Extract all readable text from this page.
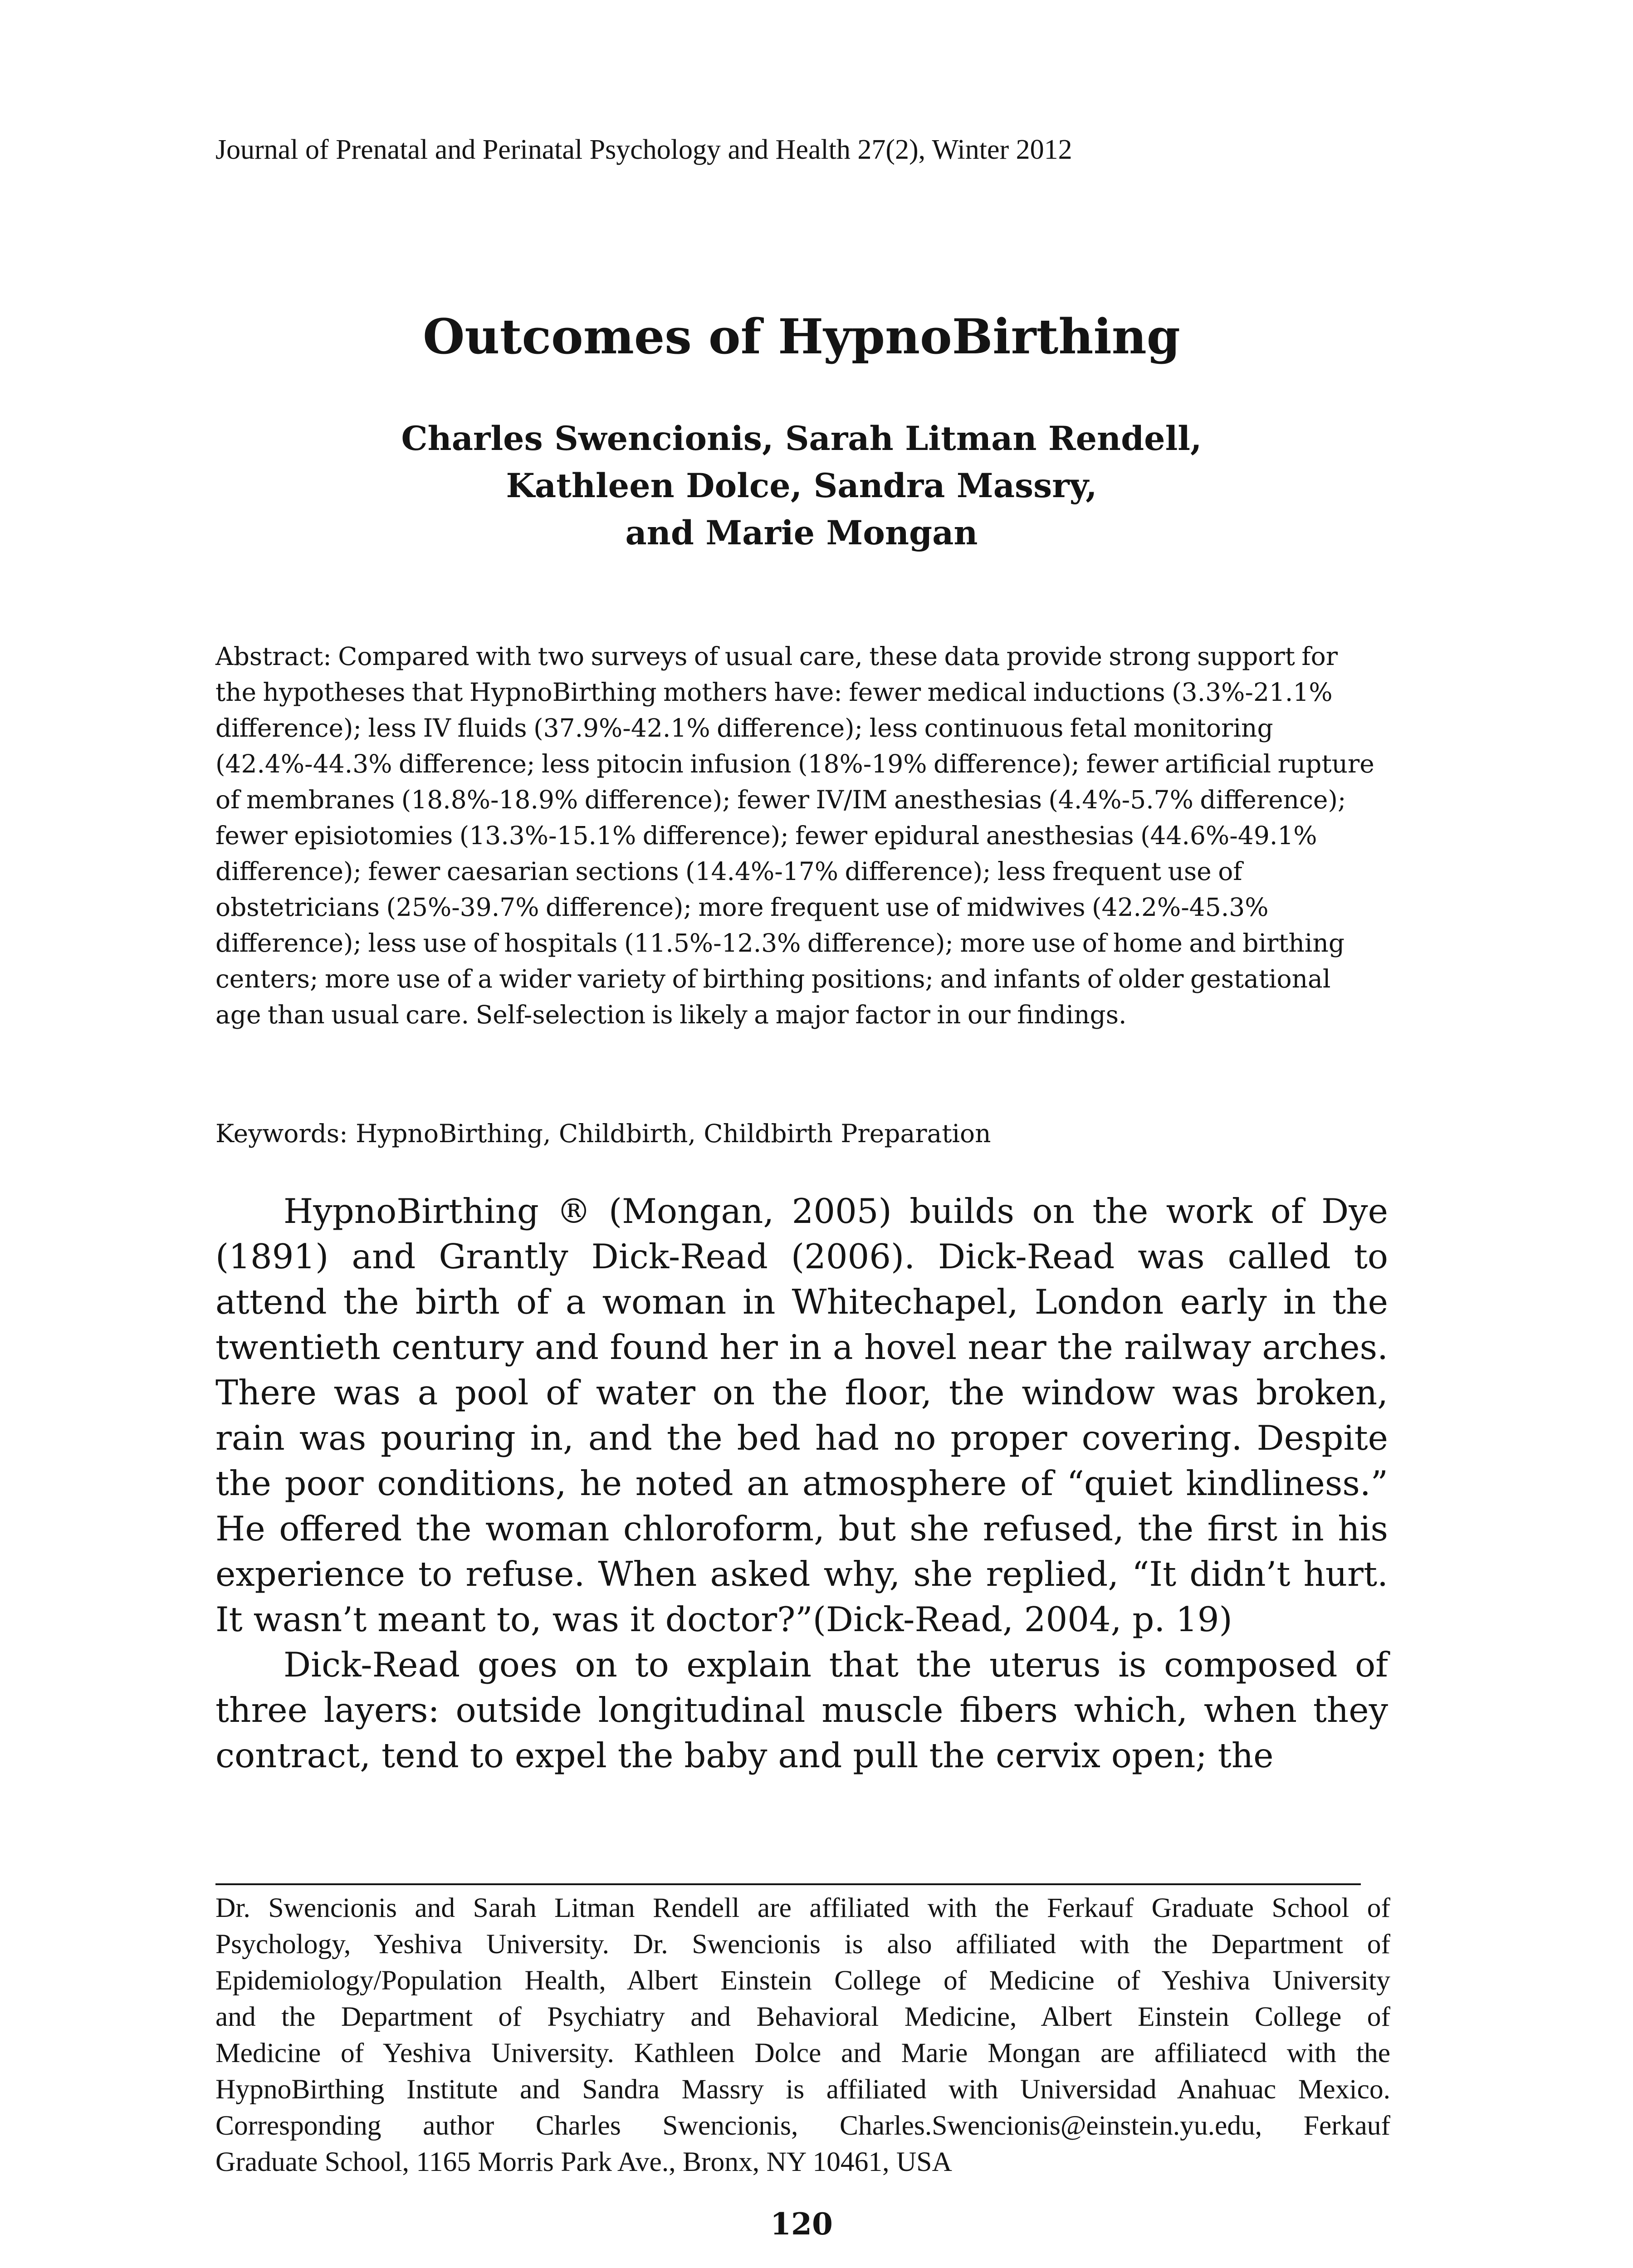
Journal of Prenatal and Perinatal Psychology and Health 27(2), Winter 2012
Outcomes of HypnoBirthing
Charles Swencionis, Sarah Litman Rendell,
Kathleen Dolce, Sandra Massry,
and Marie Mongan
Abstract: Compared with two surveys of usual care, these data provide strong support for the hypotheses that HypnoBirthing mothers have: fewer medical inductions (3.3%-21.1% difference); less IV fluids (37.9%-42.1% difference); less continuous fetal monitoring (42.4%-44.3% difference; less pitocin infusion (18%-19% difference); fewer artificial rupture of membranes (18.8%-18.9% difference); fewer IV/IM anesthesias (4.4%-5.7% difference); fewer episiotomies (13.3%-15.1% difference); fewer epidural anesthesias (44.6%-49.1% difference); fewer caesarian sections (14.4%-17% difference); less frequent use of obstetricians (25%-39.7% difference); more frequent use of midwives (42.2%-45.3% difference); less use of hospitals (11.5%-12.3% difference); more use of home and birthing centers; more use of a wider variety of birthing positions; and infants of older gestational age than usual care. Self-selection is likely a major factor in our findings.
Keywords: HypnoBirthing, Childbirth, Childbirth Preparation

HypnoBirthing ® (Mongan, 2005) builds on the work of Dye (1891) and Grantly Dick-Read (2006). Dick-Read was called to attend the birth of a woman in Whitechapel, London early in the twentieth century and found her in a hovel near the railway arches. There was a pool of water on the floor, the window was broken, rain was pouring in, and the bed had no proper covering. Despite the poor conditions, he noted an atmosphere of “quiet kindliness.” He offered the woman chloroform, but she refused, the first in his experience to refuse. When asked why, she replied, “It didn’t hurt. It wasn’t meant to, was it doctor?”(Dick-Read, 2004, p. 19)

Dick-Read goes on to explain that the uterus is composed of three layers: outside longitudinal muscle fibers which, when they contract, tend to expel the baby and pull the cervix open; the

Dr. Swencionis and Sarah Litman Rendell are affiliated with the Ferkauf Graduate School of
Psychology, Yeshiva University. Dr. Swencionis is also affiliated with the Department of
Epidemiology/Population Health, Albert Einstein College of Medicine of Yeshiva University
and the Department of Psychiatry and Behavioral Medicine, Albert Einstein College of
Medicine of Yeshiva University. Kathleen Dolce and Marie Mongan are affiliatecd with the
HypnoBirthing Institute and Sandra Massry is affiliated with Universidad Anahuac Mexico.
Corresponding author Charles Swencionis, Charles.Swencionis@einstein.yu.edu, Ferkauf
Graduate School, 1165 Morris Park Ave., Bronx, NY 10461, USA
120
